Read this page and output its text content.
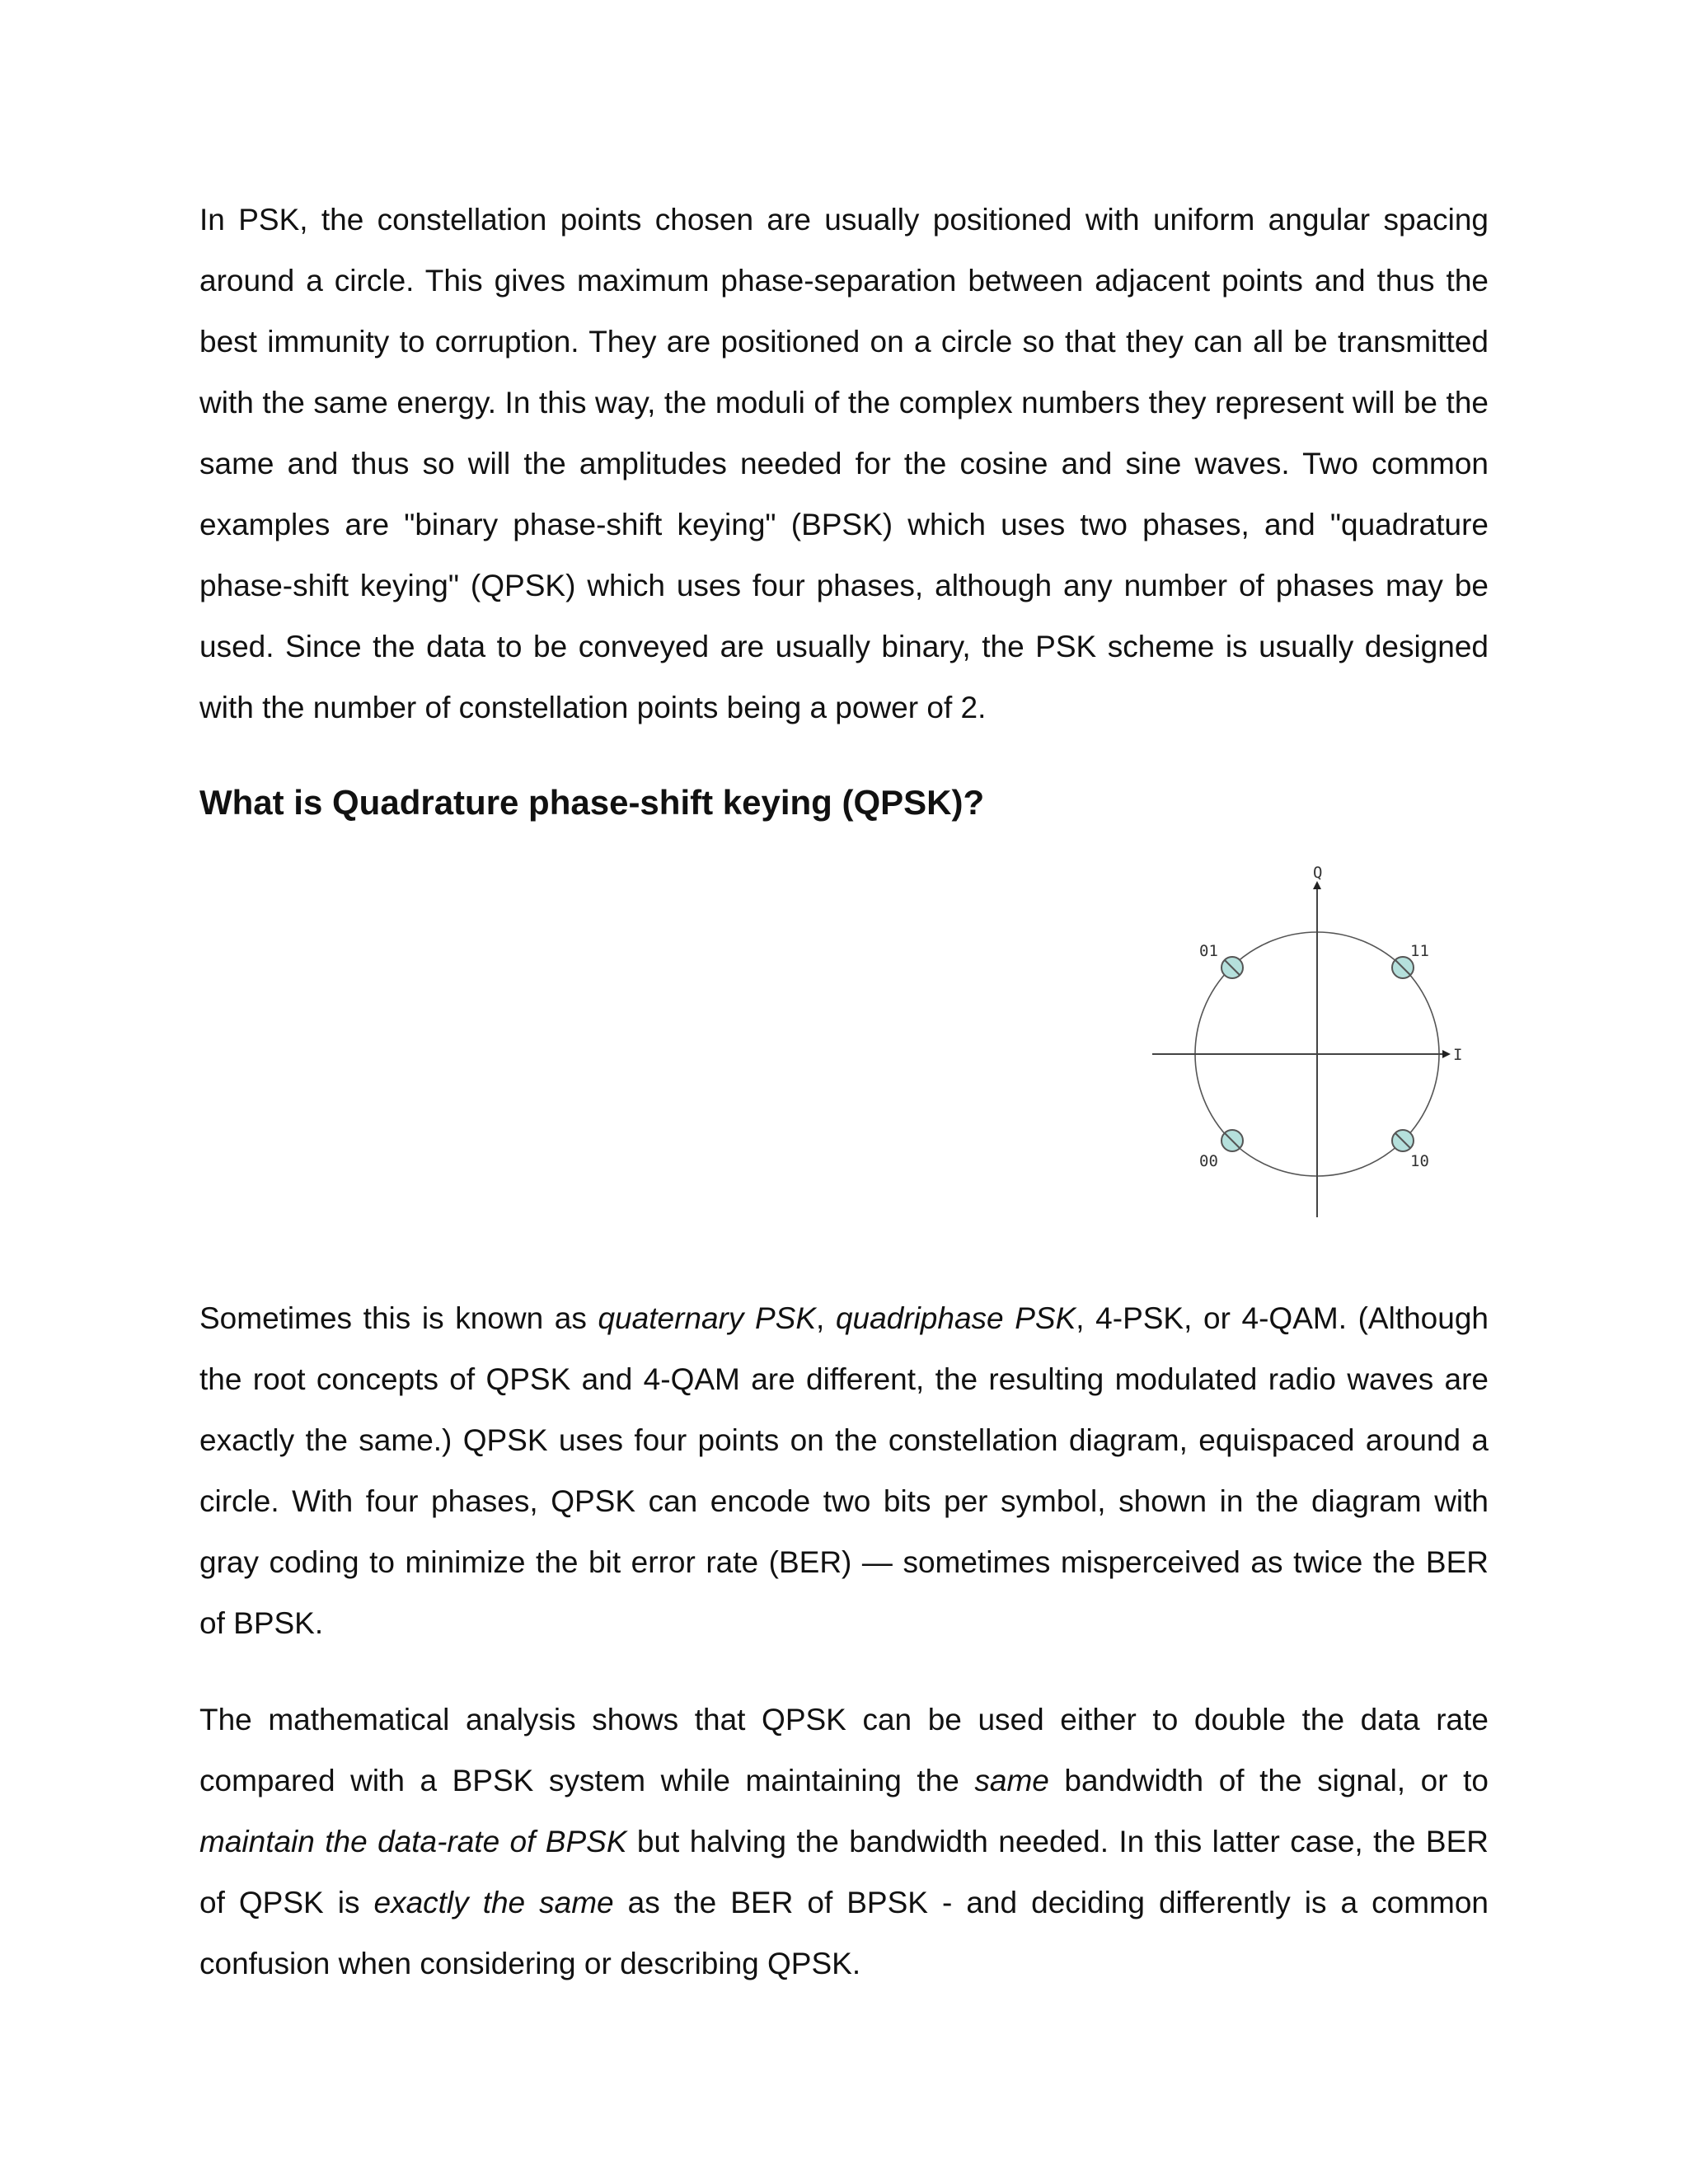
In PSK, the constellation points chosen are usually positioned with uniform angular spacing around a circle. This gives maximum phase-separation between adjacent points and thus the best immunity to corruption. They are positioned on a circle so that they can all be transmitted with the same energy. In this way, the moduli of the complex numbers they represent will be the same and thus so will the amplitudes needed for the cosine and sine waves. Two common examples are "binary phase-shift keying" (BPSK) which uses two phases, and "quadrature phase-shift keying" (QPSK) which uses four phases, although any number of phases may be used. Since the data to be conveyed are usually binary, the PSK scheme is usually designed with the number of constellation points being a power of 2.

What is Quadrature phase-shift keying (QPSK)?
Q
I
01	11
00	10

Sometimes this is known as quaternary PSK, quadriphase PSK, 4-PSK, or 4-QAM. (Although the root concepts of QPSK and 4-QAM are different, the resulting modulated radio waves are exactly the same.) QPSK uses four points on the constellation diagram, equispaced around a circle. With four phases, QPSK can encode two bits per symbol, shown in the diagram with gray coding to minimize the bit error rate (BER) — sometimes misperceived as twice the BER of BPSK.

The mathematical analysis shows that QPSK can be used either to double the data rate compared with a BPSK system while maintaining the same bandwidth of the signal, or to maintain the data-rate of BPSK but halving the bandwidth needed. In this latter case, the BER of QPSK is exactly the same as the BER of BPSK - and deciding differently is a common confusion when considering or describing QPSK.
